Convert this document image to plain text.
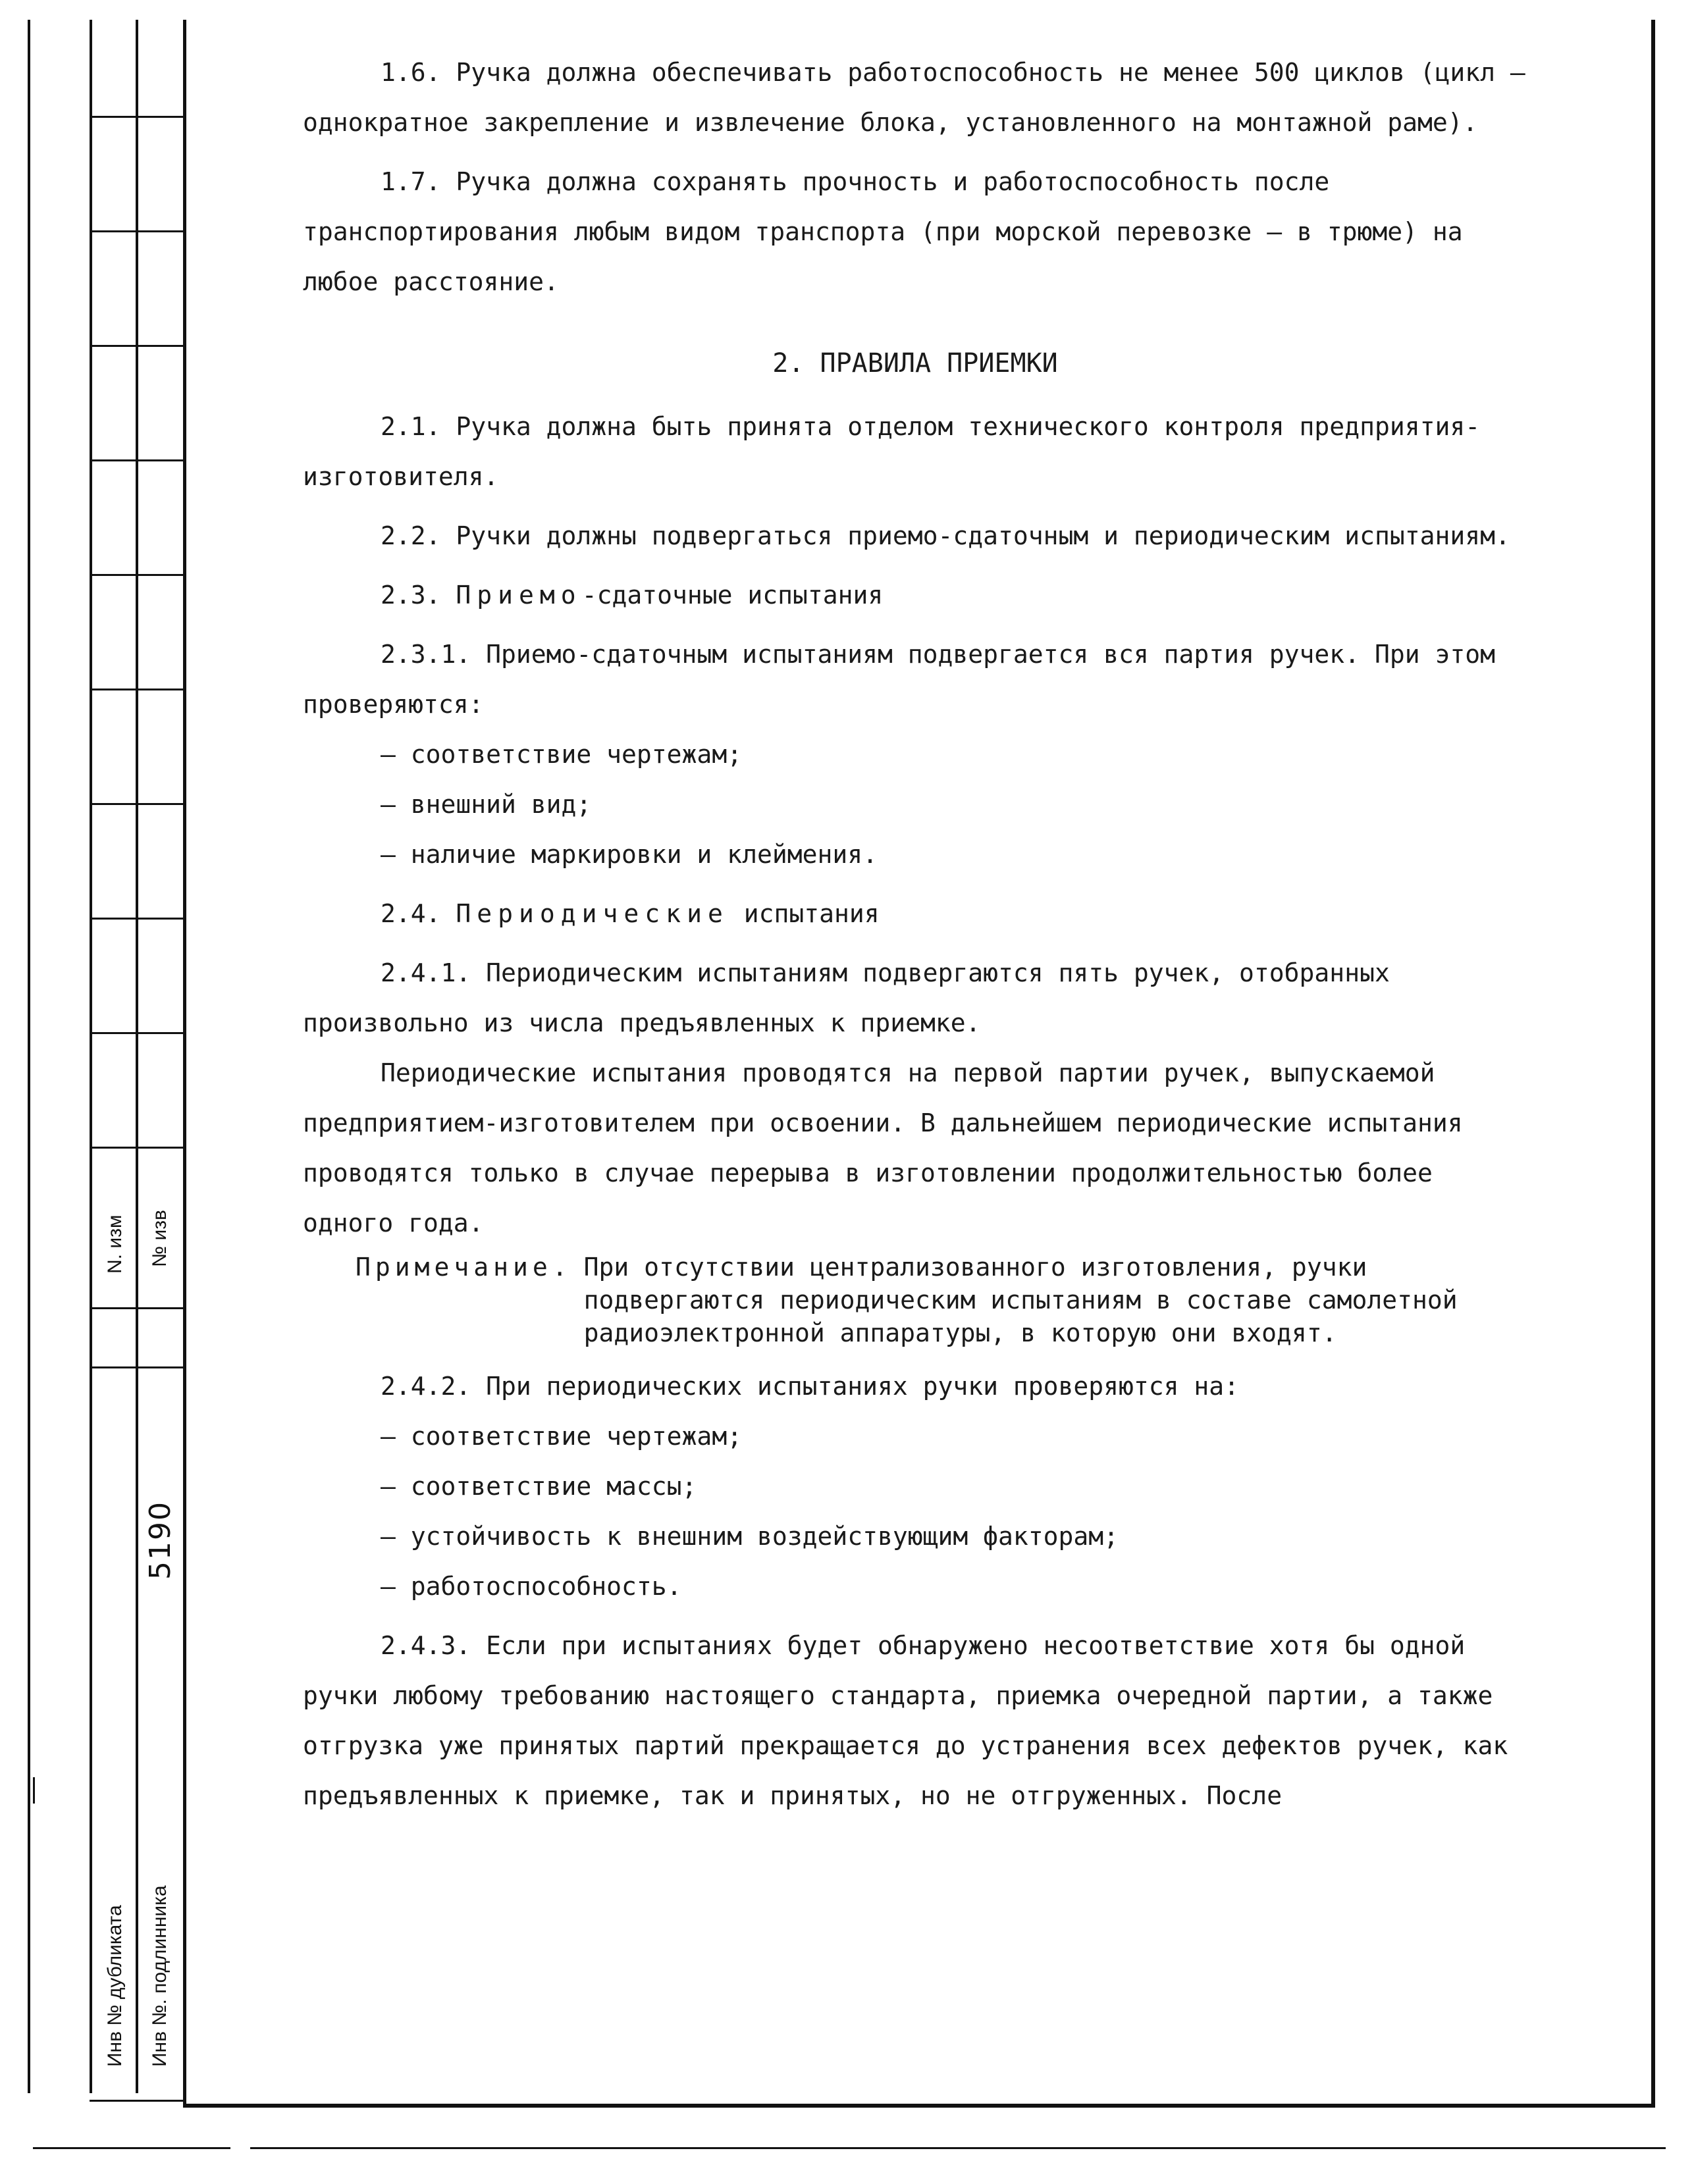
N. изм № изв
5190
Инв № дубликата Инв №. подлинника

1.6. Ручка должна обеспечивать работоспособность не менее 500 циклов (цикл – однократное закрепление и извлечение блока, установленного на монтажной раме).

1.7. Ручка должна сохранять прочность и работоспособность после транспортирования любым видом транспорта (при морской перевозке – в трюме) на любое расстояние.

2. ПРАВИЛА ПРИЕМКИ

2.1. Ручка должна быть принята отделом технического контроля предприятия-изготовителя.

2.2. Ручки должны подвергаться приемо-сдаточным и периодическим испытаниям.

2.3. Приемо-сдаточные испытания

2.3.1. Приемо-сдаточным испытаниям подвергается вся партия ручек. При этом проверяются:

– соответствие чертежам;

– внешний вид;

– наличие маркировки и клеймения.

2.4. Периодические испытания

2.4.1. Периодическим испытаниям подвергаются пять ручек, отобранных произвольно из числа предъявленных к приемке.

Периодические испытания проводятся на первой партии ручек, выпускаемой предприятием-изготовителем при освоении. В дальнейшем периодические испытания проводятся только в случае перерыва в изготовлении продолжительностью более одного года.

Примечание. При отсутствии централизованного изготовления, ручки подвергаются периодическим испытаниям в составе самолетной радиоэлектронной аппаратуры, в которую они входят.

2.4.2. При периодических испытаниях ручки проверяются на:

– соответствие чертежам;

– соответствие массы;

– устойчивость к внешним воздействующим факторам;

– работоспособность.

2.4.3. Если при испытаниях будет обнаружено несоответствие хотя бы одной ручки любому требованию настоящего стандарта, приемка очередной партии, а также отгрузка уже принятых партий прекращается до устранения всех дефектов ручек, как предъявленных к приемке, так и принятых, но не отгруженных. После
